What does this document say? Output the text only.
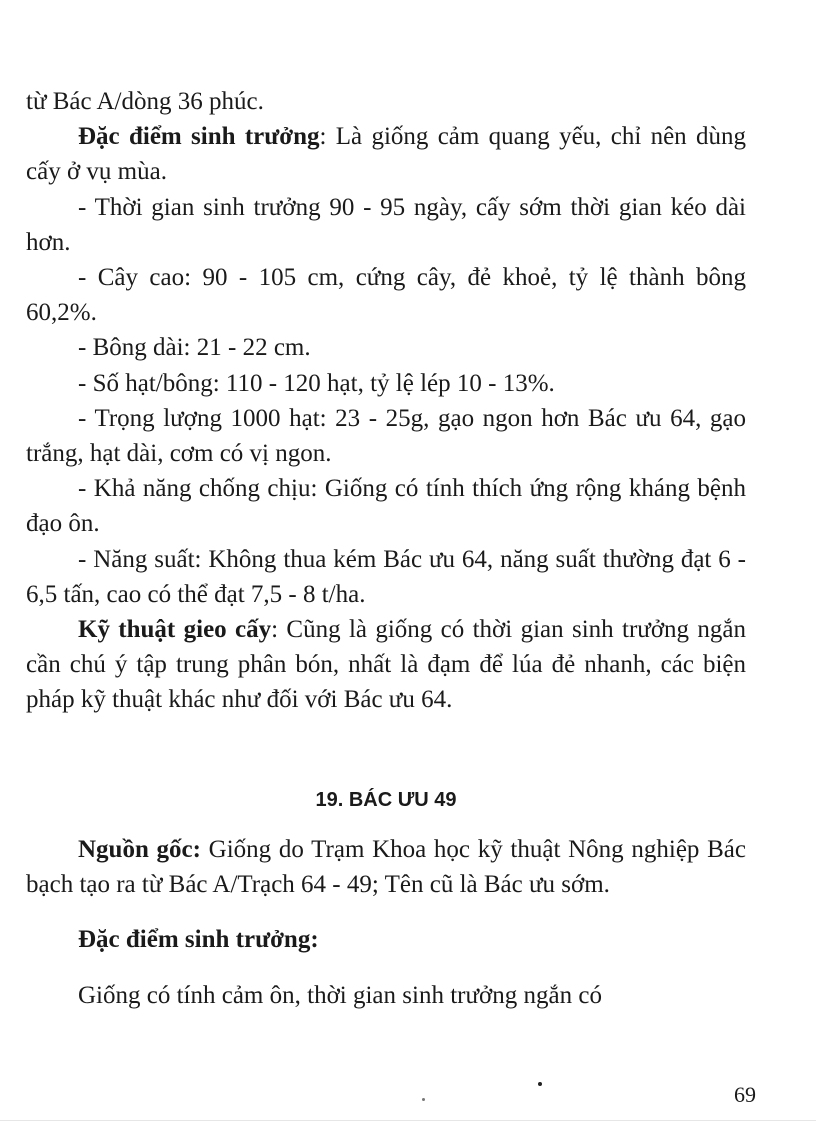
từ Bác A/dòng 36 phúc.

Đặc điểm sinh trưởng: Là giống cảm quang yếu, chỉ nên dùng cấy ở vụ mùa.

- Thời gian sinh trưởng 90 - 95 ngày, cấy sớm thời gian kéo dài hơn.

- Cây cao: 90 - 105 cm, cứng cây, đẻ khoẻ, tỷ lệ thành bông 60,2%.

- Bông dài: 21 - 22 cm.

- Số hạt/bông: 110 - 120 hạt, tỷ lệ lép 10 - 13%.

- Trọng lượng 1000 hạt: 23 - 25g, gạo ngon hơn Bác ưu 64, gạo trắng, hạt dài, cơm có vị ngon.

- Khả năng chống chịu: Giống có tính thích ứng rộng kháng bệnh đạo ôn.

- Năng suất: Không thua kém Bác ưu 64, năng suất thường đạt 6 - 6,5 tấn, cao có thể đạt 7,5 - 8 t/ha.

Kỹ thuật gieo cấy: Cũng là giống có thời gian sinh trưởng ngắn cần chú ý tập trung phân bón, nhất là đạm để lúa đẻ nhanh, các biện pháp kỹ thuật khác như đối với Bác ưu 64.

19. BÁC ƯU 49

Nguồn gốc: Giống do Trạm Khoa học kỹ thuật Nông nghiệp Bác bạch tạo ra từ Bác A/Trạch 64 - 49; Tên cũ là Bác ưu sớm.

Đặc điểm sinh trưởng:

Giống có tính cảm ôn, thời gian sinh trưởng ngắn có

69
